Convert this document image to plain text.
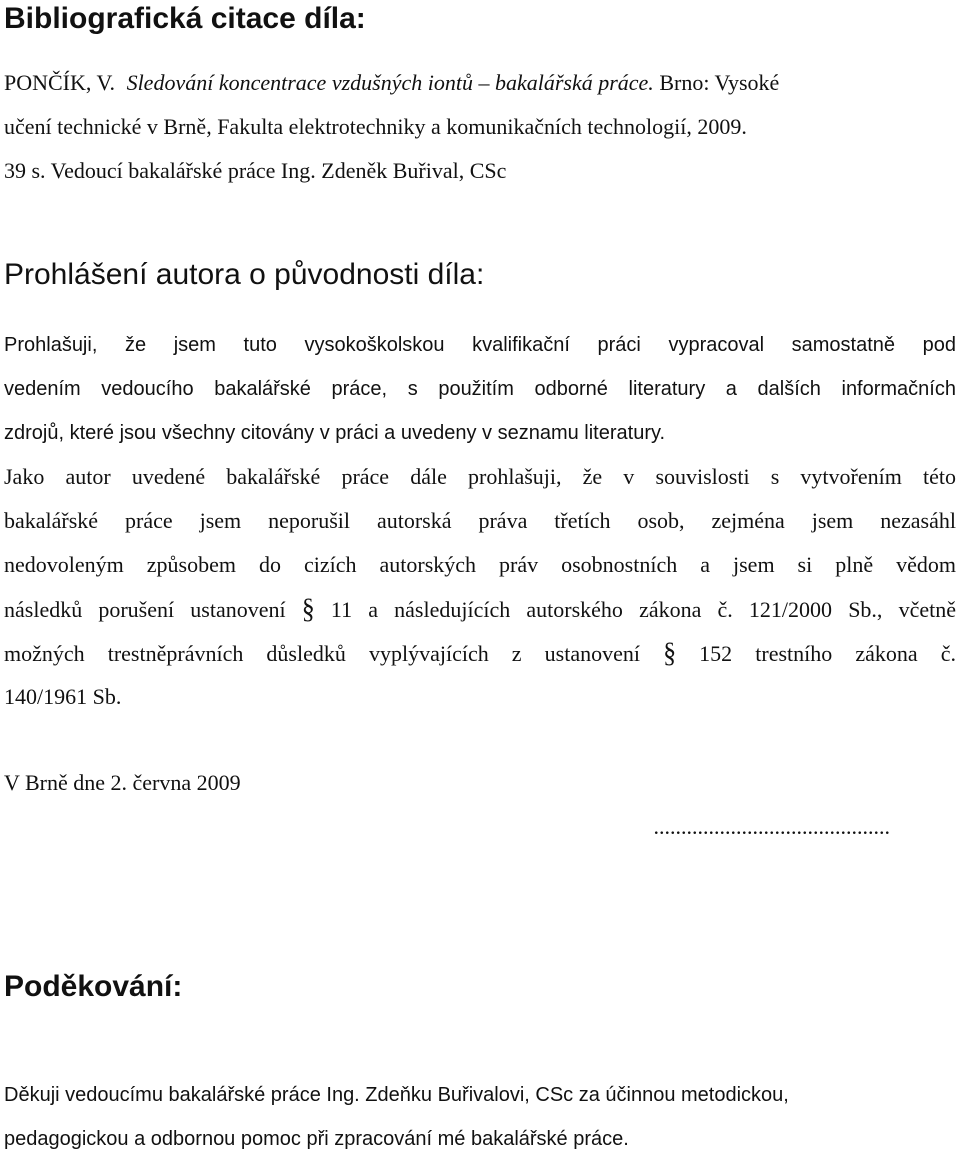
Bibliografická citace díla:
PONČÍK, V. Sledování koncentrace vzdušných iontů – bakalářská práce. Brno: Vysoké
učení technické v Brně, Fakulta elektrotechniky a komunikačních technologií, 2009.
39 s. Vedoucí bakalářské práce Ing. Zdeněk Buřival, CSc
Prohlášení autora o původnosti díla:
Prohlašuji, že jsem tuto vysokoškolskou kvalifikační práci vypracoval samostatně pod
vedením vedoucího bakalářské práce, s použitím odborné literatury a dalších informačních
zdrojů, které jsou všechny citovány v práci a uvedeny v seznamu literatury.
Jako autor uvedené bakalářské práce dále prohlašuji, že v souvislosti s vytvořením této
bakalářské práce jsem neporušil autorská práva třetích osob, zejména jsem nezasáhl
nedovoleným způsobem do cizích autorských práv osobnostních a jsem si plně vědom
následků porušení ustanovení § 11 a následujících autorského zákona č. 121/2000 Sb., včetně
možných trestněprávních důsledků vyplývajících z ustanovení § 152 trestního zákona č.
140/1961 Sb.
V Brně dne 2. června 2009
...........................................
Poděkování:
Děkuji vedoucímu bakalářské práce Ing. Zdeňku Buřivalovi, CSc za účinnou metodickou,
pedagogickou a odbornou pomoc při zpracování mé bakalářské práce.
